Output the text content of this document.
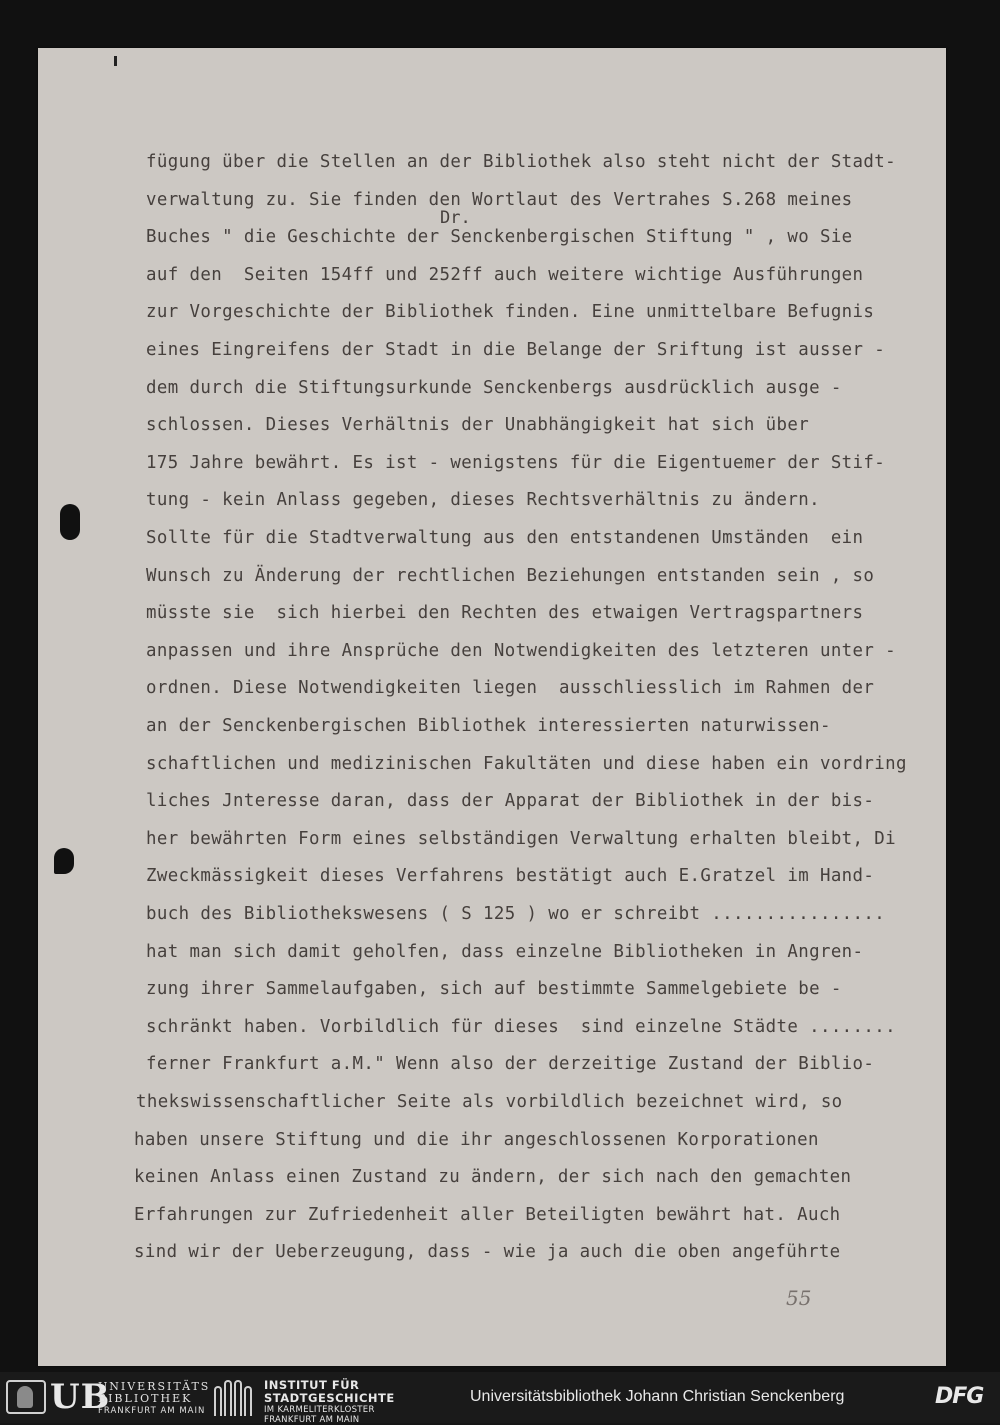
Dr.
fügung über die Stellen an der Bibliothek also steht nicht der Stadt-
verwaltung zu. Sie finden den Wortlaut des Vertrahes S.268 meines
Buches " die Geschichte der Senckenbergischen Stiftung " , wo Sie
auf den  Seiten 154ff und 252ff auch weitere wichtige Ausführungen
zur Vorgeschichte der Bibliothek finden. Eine unmittelbare Befugnis
eines Eingreifens der Stadt in die Belange der Sriftung ist ausser -
dem durch die Stiftungsurkunde Senckenbergs ausdrücklich ausge -
schlossen. Dieses Verhältnis der Unabhängigkeit hat sich über
175 Jahre bewährt. Es ist - wenigstens für die Eigentuemer der Stif-
tung - kein Anlass gegeben, dieses Rechtsverhältnis zu ändern.
Sollte für die Stadtverwaltung aus den entstandenen Umständen  ein
Wunsch zu Änderung der rechtlichen Beziehungen entstanden sein , so
müsste sie  sich hierbei den Rechten des etwaigen Vertragspartners
anpassen und ihre Ansprüche den Notwendigkeiten des letzteren unter -
ordnen. Diese Notwendigkeiten liegen  ausschliesslich im Rahmen der
an der Senckenbergischen Bibliothek interessierten naturwissen-
schaftlichen und medizinischen Fakultäten und diese haben ein vordring
liches Jnteresse daran, dass der Apparat der Bibliothek in der bis-
her bewährten Form eines selbständigen Verwaltung erhalten bleibt, Di
Zweckmässigkeit dieses Verfahrens bestätigt auch E.Gratzel im Hand-
buch des Bibliothekswesens ( S 125 ) wo er schreibt ................
hat man sich damit geholfen, dass einzelne Bibliotheken in Angren-
zung ihrer Sammelaufgaben, sich auf bestimmte Sammelgebiete be -
schränkt haben. Vorbildlich für dieses  sind einzelne Städte ........
ferner Frankfurt a.M." Wenn also der derzeitige Zustand der Biblio-
thekswissenschaftlicher Seite als vorbildlich bezeichnet wird, so
haben unsere Stiftung und die ihr angeschlossenen Korporationen
keinen Anlass einen Zustand zu ändern, der sich nach den gemachten
Erfahrungen zur Zufriedenheit aller Beteiligten bewährt hat. Auch
sind wir der Ueberzeugung, dass - wie ja auch die oben angeführte
55
UB
UNIVERSITÄTS
BIBLIOTHEK
FRANKFURT AM MAIN
INSTITUT FÜR
STADTGESCHICHTE
IM KARMELITERKLOSTER
FRANKFURT AM MAIN
Universitätsbibliothek Johann Christian Senckenberg	DFG
